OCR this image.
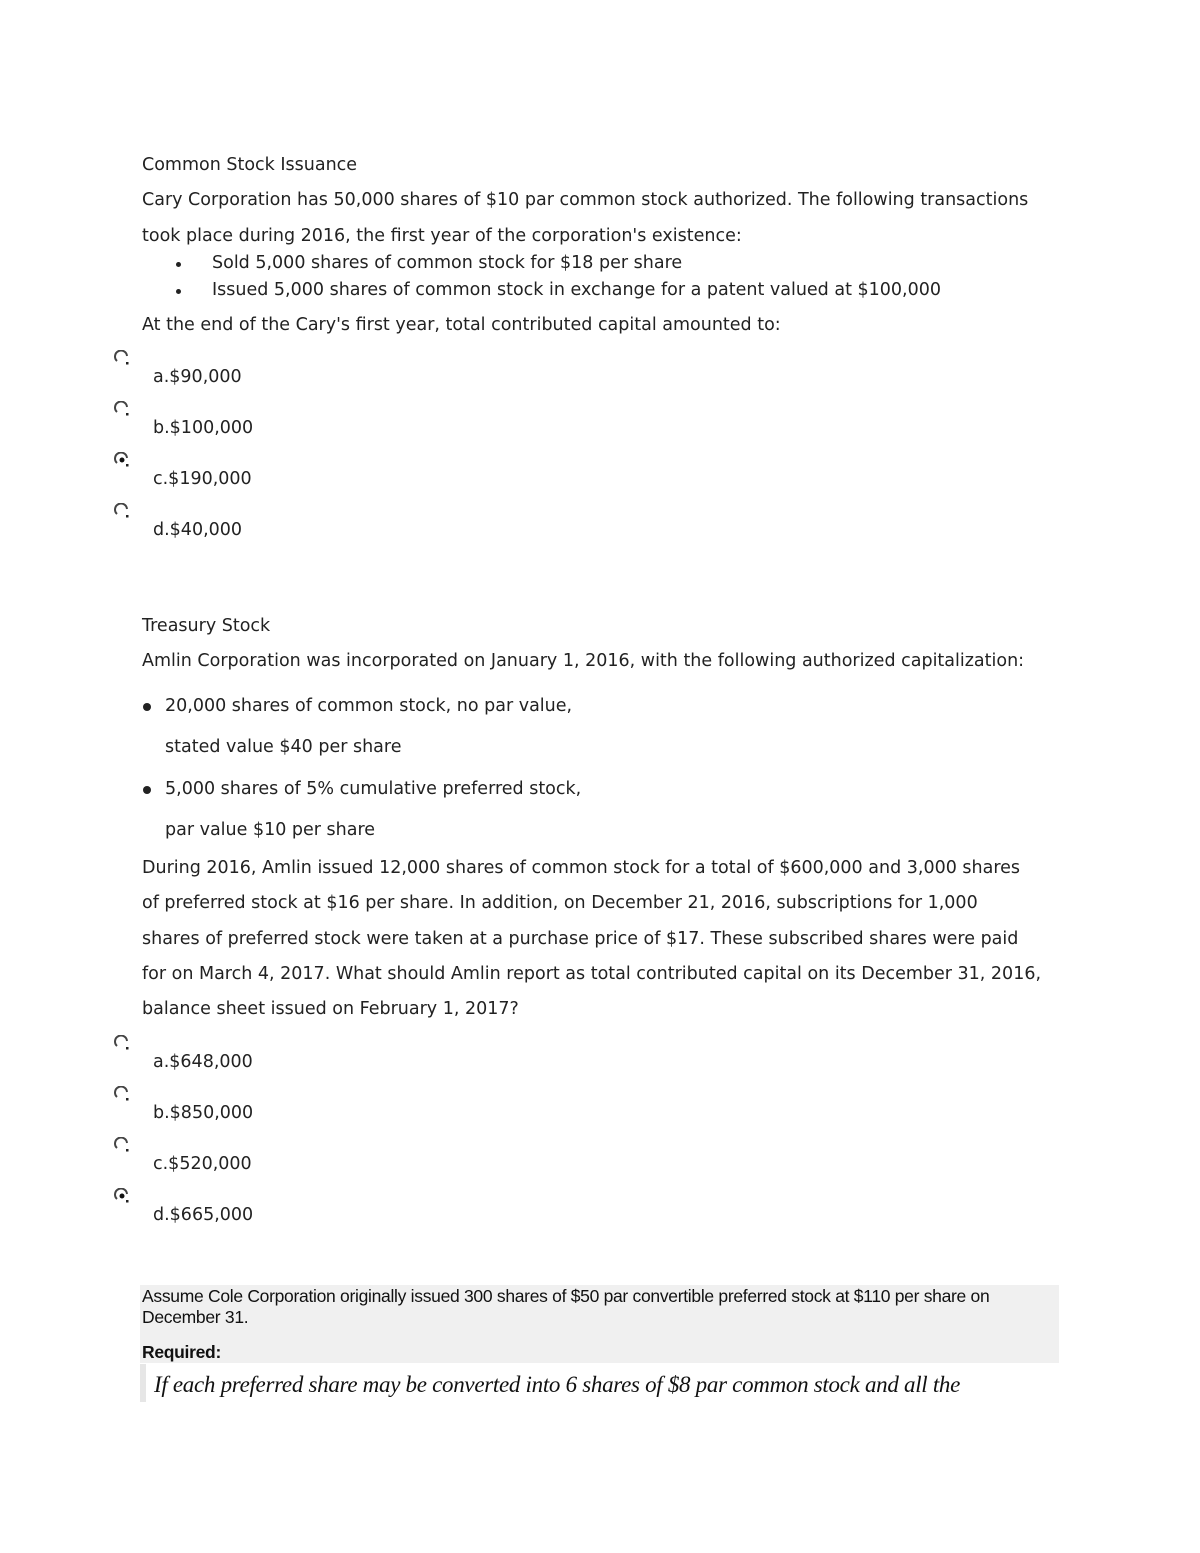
Common Stock Issuance
Cary Corporation has 50,000 shares of $10 par common stock authorized. The following transactions
took place during 2016, the first year of the corporation's existence:
Sold 5,000 shares of common stock for $18 per share
Issued 5,000 shares of common stock in exchange for a patent valued at $100,000
At the end of the Cary's first year, total contributed capital amounted to:
a.$90,000
b.$100,000
c.$190,000
d.$40,000
Treasury Stock
Amlin Corporation was incorporated on January 1, 2016, with the following authorized capitalization:
20,000 shares of common stock, no par value,
stated value $40 per share
5,000 shares of 5% cumulative preferred stock,
par value $10 per share
During 2016, Amlin issued 12,000 shares of common stock for a total of $600,000 and 3,000 shares
of preferred stock at $16 per share. In addition, on December 21, 2016, subscriptions for 1,000
shares of preferred stock were taken at a purchase price of $17. These subscribed shares were paid
for on March 4, 2017. What should Amlin report as total contributed capital on its December 31, 2016,
balance sheet issued on February 1, 2017?
a.$648,000
b.$850,000
c.$520,000
d.$665,000
Assume Cole Corporation originally issued 300 shares of $50 par convertible preferred stock at $110 per share on
December 31.
Required:
If each preferred share may be converted into 6 shares of $8 par common stock and all the
